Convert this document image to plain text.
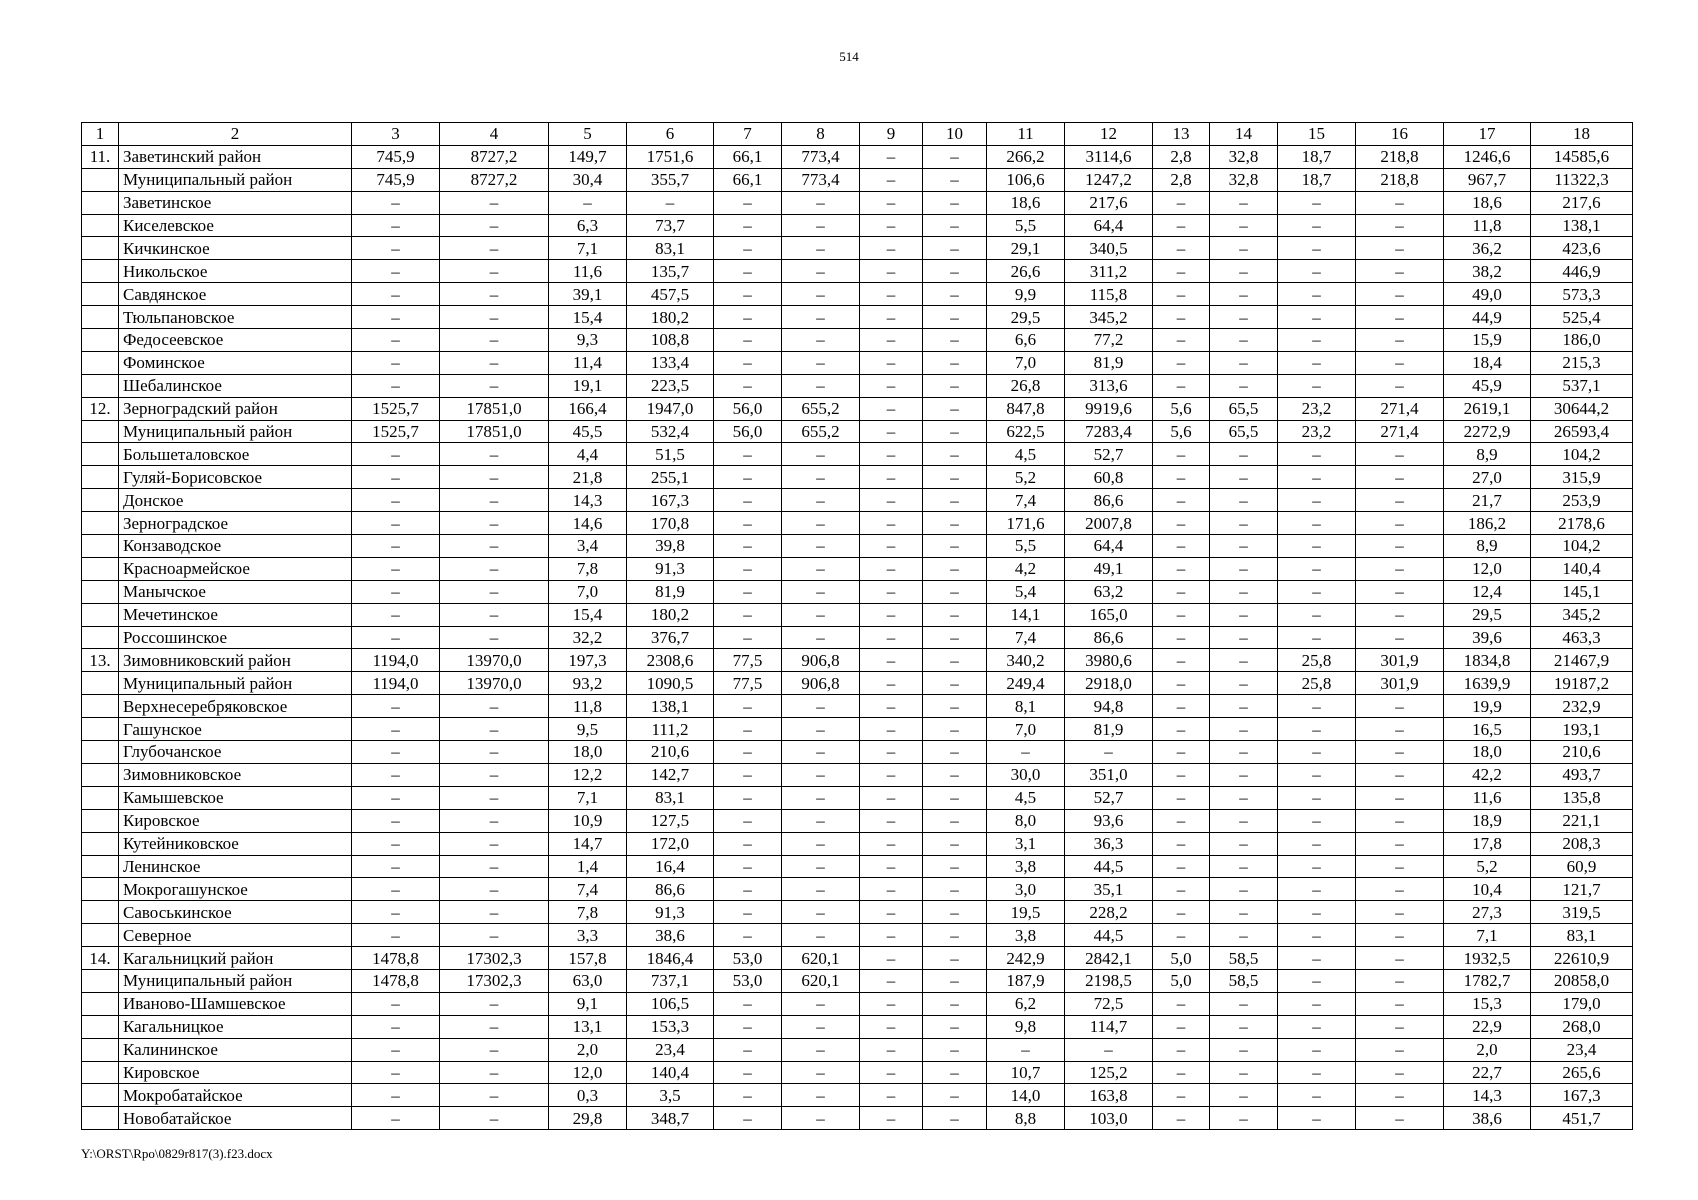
514
1	2	3	4	5	6	7	8	9	10	11	12	13	14	15	16	17	18
11.	Заветинский район	745,9	8727,2	149,7	1751,6	66,1	773,4	–	–	266,2	3114,6	2,8	32,8	18,7	218,8	1246,6	14585,6
	Муниципальный район	745,9	8727,2	30,4	355,7	66,1	773,4	–	–	106,6	1247,2	2,8	32,8	18,7	218,8	967,7	11322,3
	Заветинское	–	–	–	–	–	–	–	–	18,6	217,6	–	–	–	–	18,6	217,6
	Киселевское	–	–	6,3	73,7	–	–	–	–	5,5	64,4	–	–	–	–	11,8	138,1
	Кичкинское	–	–	7,1	83,1	–	–	–	–	29,1	340,5	–	–	–	–	36,2	423,6
	Никольское	–	–	11,6	135,7	–	–	–	–	26,6	311,2	–	–	–	–	38,2	446,9
	Савдянское	–	–	39,1	457,5	–	–	–	–	9,9	115,8	–	–	–	–	49,0	573,3
	Тюльпановское	–	–	15,4	180,2	–	–	–	–	29,5	345,2	–	–	–	–	44,9	525,4
	Федосеевское	–	–	9,3	108,8	–	–	–	–	6,6	77,2	–	–	–	–	15,9	186,0
	Фоминское	–	–	11,4	133,4	–	–	–	–	7,0	81,9	–	–	–	–	18,4	215,3
	Шебалинское	–	–	19,1	223,5	–	–	–	–	26,8	313,6	–	–	–	–	45,9	537,1
12.	Зерноградский район	1525,7	17851,0	166,4	1947,0	56,0	655,2	–	–	847,8	9919,6	5,6	65,5	23,2	271,4	2619,1	30644,2
	Муниципальный район	1525,7	17851,0	45,5	532,4	56,0	655,2	–	–	622,5	7283,4	5,6	65,5	23,2	271,4	2272,9	26593,4
	Большеталовское	–	–	4,4	51,5	–	–	–	–	4,5	52,7	–	–	–	–	8,9	104,2
	Гуляй-Борисовское	–	–	21,8	255,1	–	–	–	–	5,2	60,8	–	–	–	–	27,0	315,9
	Донское	–	–	14,3	167,3	–	–	–	–	7,4	86,6	–	–	–	–	21,7	253,9
	Зерноградское	–	–	14,6	170,8	–	–	–	–	171,6	2007,8	–	–	–	–	186,2	2178,6
	Конзаводское	–	–	3,4	39,8	–	–	–	–	5,5	64,4	–	–	–	–	8,9	104,2
	Красноармейское	–	–	7,8	91,3	–	–	–	–	4,2	49,1	–	–	–	–	12,0	140,4
	Манычское	–	–	7,0	81,9	–	–	–	–	5,4	63,2	–	–	–	–	12,4	145,1
	Мечетинское	–	–	15,4	180,2	–	–	–	–	14,1	165,0	–	–	–	–	29,5	345,2
	Россошинское	–	–	32,2	376,7	–	–	–	–	7,4	86,6	–	–	–	–	39,6	463,3
13.	Зимовниковский район	1194,0	13970,0	197,3	2308,6	77,5	906,8	–	–	340,2	3980,6	–	–	25,8	301,9	1834,8	21467,9
	Муниципальный район	1194,0	13970,0	93,2	1090,5	77,5	906,8	–	–	249,4	2918,0	–	–	25,8	301,9	1639,9	19187,2
	Верхнесеребряковское	–	–	11,8	138,1	–	–	–	–	8,1	94,8	–	–	–	–	19,9	232,9
	Гашунское	–	–	9,5	111,2	–	–	–	–	7,0	81,9	–	–	–	–	16,5	193,1
	Глубочанское	–	–	18,0	210,6	–	–	–	–	–	–	–	–	–	–	18,0	210,6
	Зимовниковское	–	–	12,2	142,7	–	–	–	–	30,0	351,0	–	–	–	–	42,2	493,7
	Камышевское	–	–	7,1	83,1	–	–	–	–	4,5	52,7	–	–	–	–	11,6	135,8
	Кировское	–	–	10,9	127,5	–	–	–	–	8,0	93,6	–	–	–	–	18,9	221,1
	Кутейниковское	–	–	14,7	172,0	–	–	–	–	3,1	36,3	–	–	–	–	17,8	208,3
	Ленинское	–	–	1,4	16,4	–	–	–	–	3,8	44,5	–	–	–	–	5,2	60,9
	Мокрогашунское	–	–	7,4	86,6	–	–	–	–	3,0	35,1	–	–	–	–	10,4	121,7
	Савоськинское	–	–	7,8	91,3	–	–	–	–	19,5	228,2	–	–	–	–	27,3	319,5
	Северное	–	–	3,3	38,6	–	–	–	–	3,8	44,5	–	–	–	–	7,1	83,1
14.	Кагальницкий район	1478,8	17302,3	157,8	1846,4	53,0	620,1	–	–	242,9	2842,1	5,0	58,5	–	–	1932,5	22610,9
	Муниципальный район	1478,8	17302,3	63,0	737,1	53,0	620,1	–	–	187,9	2198,5	5,0	58,5	–	–	1782,7	20858,0
	Иваново-Шамшевское	–	–	9,1	106,5	–	–	–	–	6,2	72,5	–	–	–	–	15,3	179,0
	Кагальницкое	–	–	13,1	153,3	–	–	–	–	9,8	114,7	–	–	–	–	22,9	268,0
	Калининское	–	–	2,0	23,4	–	–	–	–	–	–	–	–	–	–	2,0	23,4
	Кировское	–	–	12,0	140,4	–	–	–	–	10,7	125,2	–	–	–	–	22,7	265,6
	Мокробатайское	–	–	0,3	3,5	–	–	–	–	14,0	163,8	–	–	–	–	14,3	167,3
	Новобатайское	–	–	29,8	348,7	–	–	–	–	8,8	103,0	–	–	–	–	38,6	451,7
Y:\ORST\Rpo\0829r817(3).f23.docx
